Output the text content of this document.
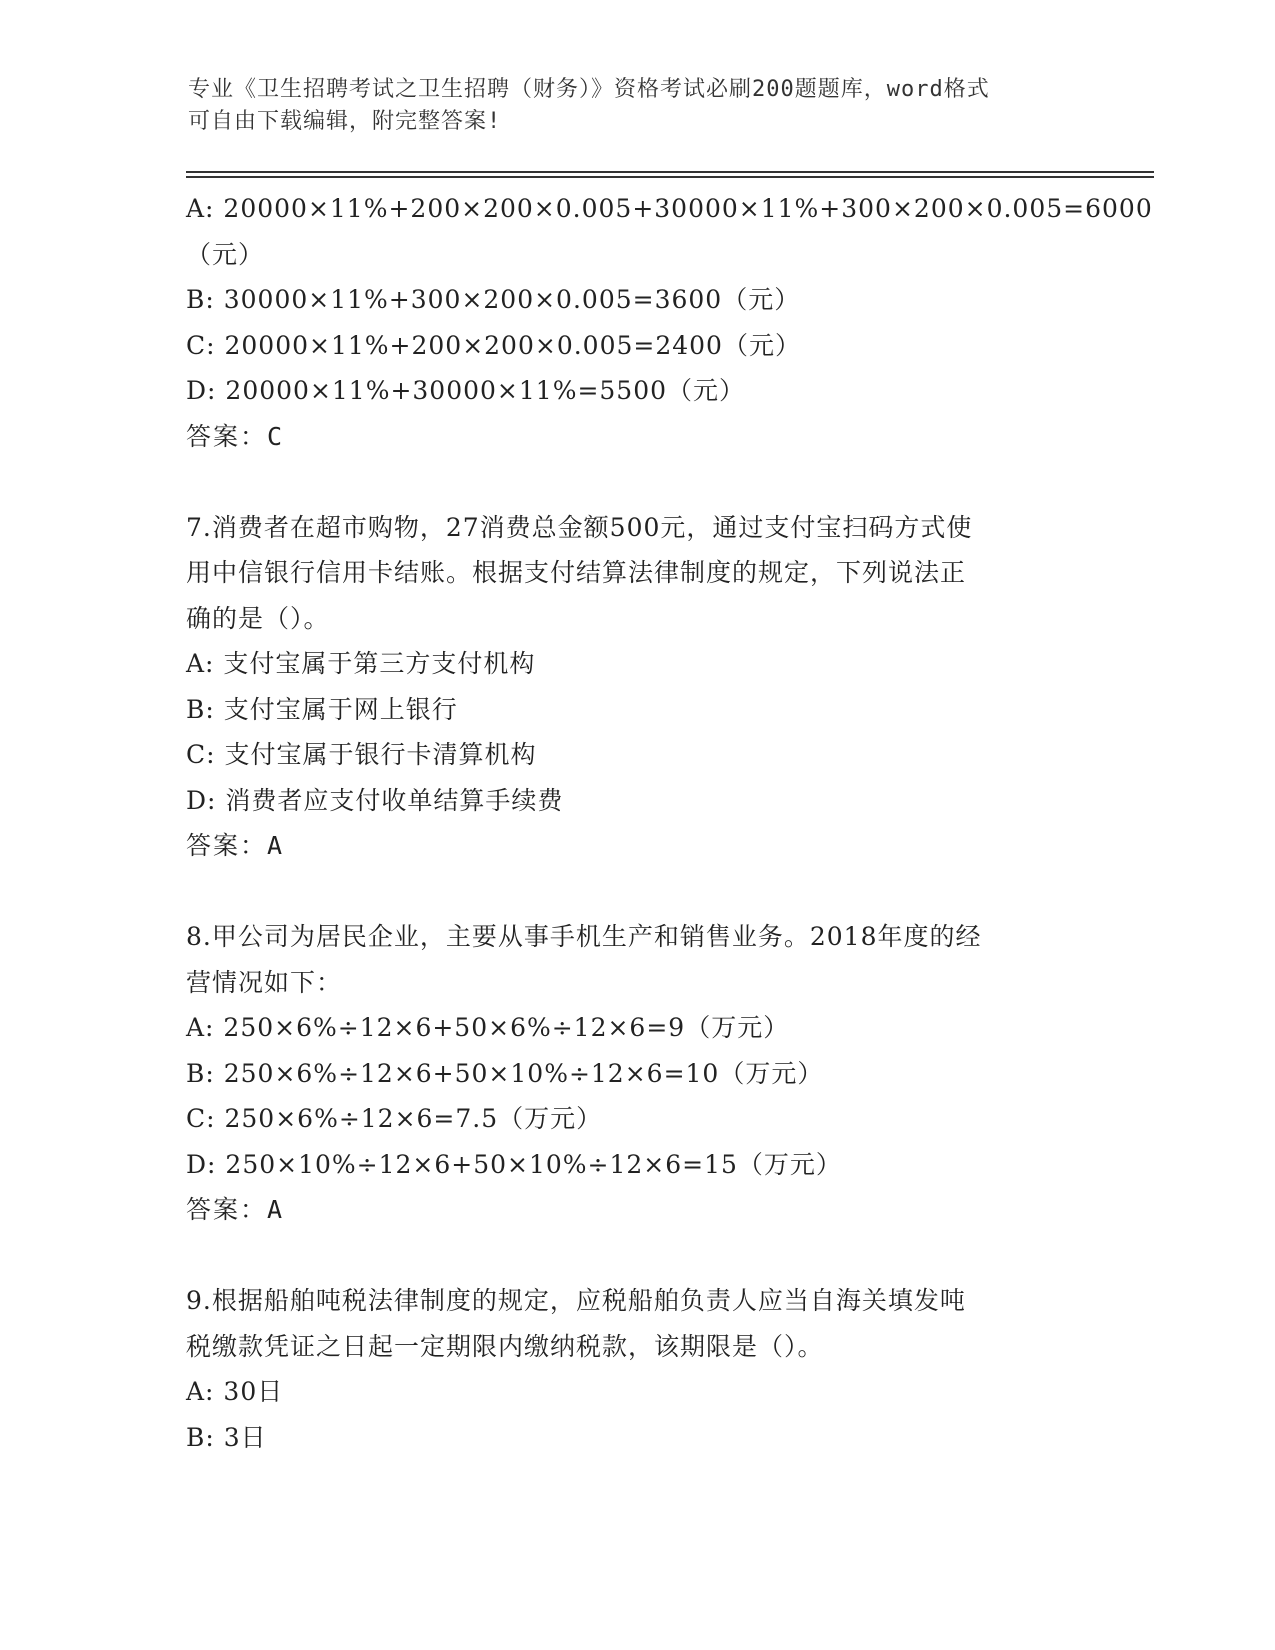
专业《卫生招聘考试之卫生招聘（财务）》资格考试必刷200题题库，word格式
可自由下载编辑，附完整答案!
A: 20000×11%+200×200×0.005+30000×11%+300×200×0.005=6000
（元）
B: 30000×11%+300×200×0.005=3600（元）
C: 20000×11%+200×200×0.005=2400（元）
D: 20000×11%+30000×11%=5500（元）
答案：C
7.消费者在超市购物，27消费总金额500元，通过支付宝扫码方式使
用中信银行信用卡结账。根据支付结算法律制度的规定，下列说法正
确的是（）。
A: 支付宝属于第三方支付机构
B: 支付宝属于网上银行
C: 支付宝属于银行卡清算机构
D: 消费者应支付收单结算手续费
答案：A
8.甲公司为居民企业，主要从事手机生产和销售业务。2018年度的经
营情况如下：
A: 250×6%÷12×6+50×6%÷12×6=9（万元）
B: 250×6%÷12×6+50×10%÷12×6=10（万元）
C: 250×6%÷12×6=7.5（万元）
D: 250×10%÷12×6+50×10%÷12×6=15（万元）
答案：A
9.根据船舶吨税法律制度的规定，应税船舶负责人应当自海关填发吨
税缴款凭证之日起一定期限内缴纳税款，该期限是（）。
A: 30日
B: 3日
